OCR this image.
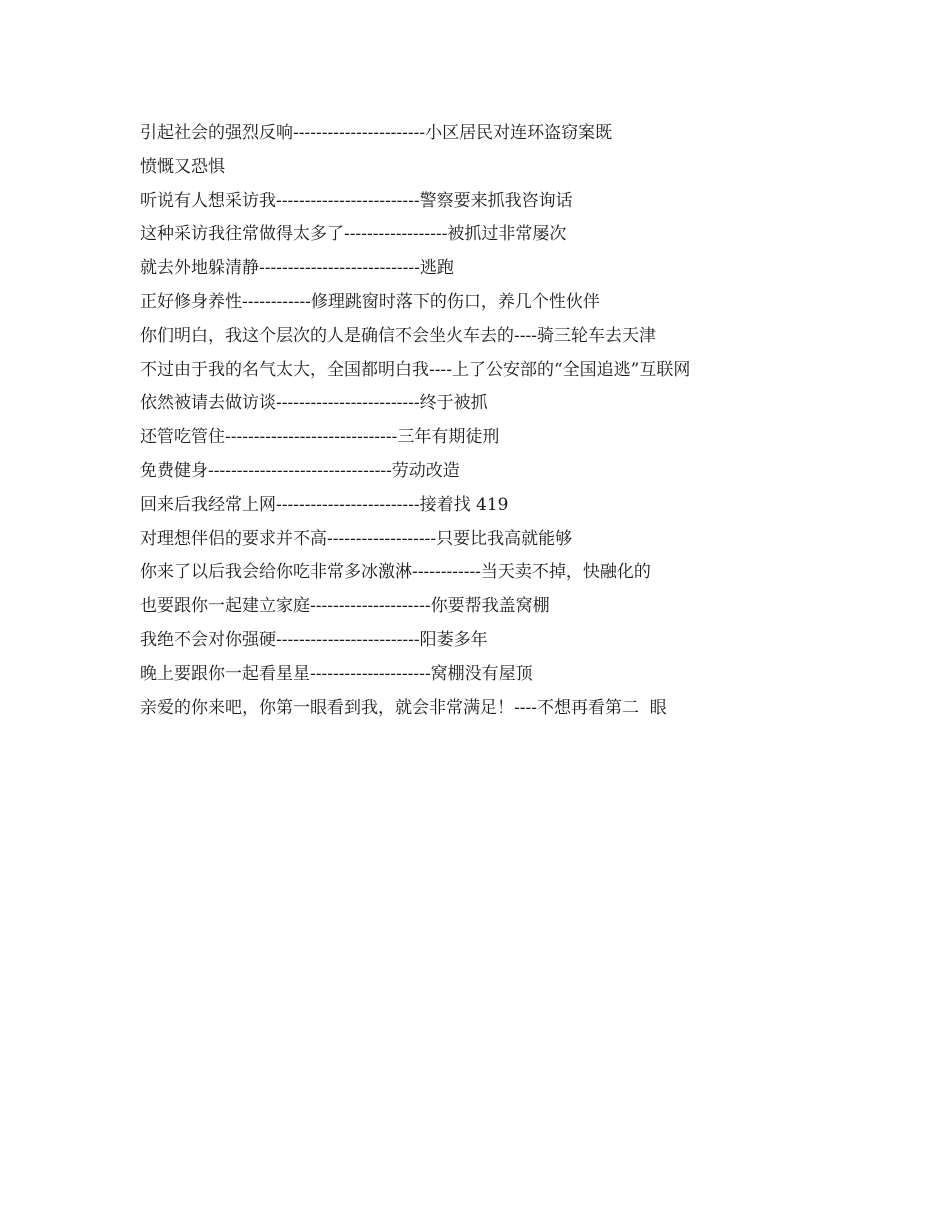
引起社会的强烈反响-----------------------小区居民对连环盗窃案既
愤慨又恐惧
听说有人想采访我-------------------------警察要来抓我咨询话
这种采访我往常做得太多了------------------被抓过非常屡次
就去外地躲清静----------------------------逃跑
正好修身养性------------修理跳窗时落下的伤口，养几个性伙伴
你们明白，我这个层次的人是确信不会坐火车去的----骑三轮车去天津
不过由于我的名气太大，全国都明白我----上了公安部的“全国追逃”互联网
依然被请去做访谈-------------------------终于被抓
还管吃管住------------------------------三年有期徒刑
免费健身--------------------------------劳动改造
回来后我经常上网-------------------------接着找 419
对理想伴侣的要求并不高-------------------只要比我高就能够
你来了以后我会给你吃非常多冰激淋------------当天卖不掉，快融化的
也要跟你一起建立家庭---------------------你要帮我盖窝棚
我绝不会对你强硬-------------------------阳萎多年
晚上要跟你一起看星星---------------------窝棚没有屋顶
亲爱的你来吧，你第一眼看到我，就会非常满足！----不想再看第二  眼
